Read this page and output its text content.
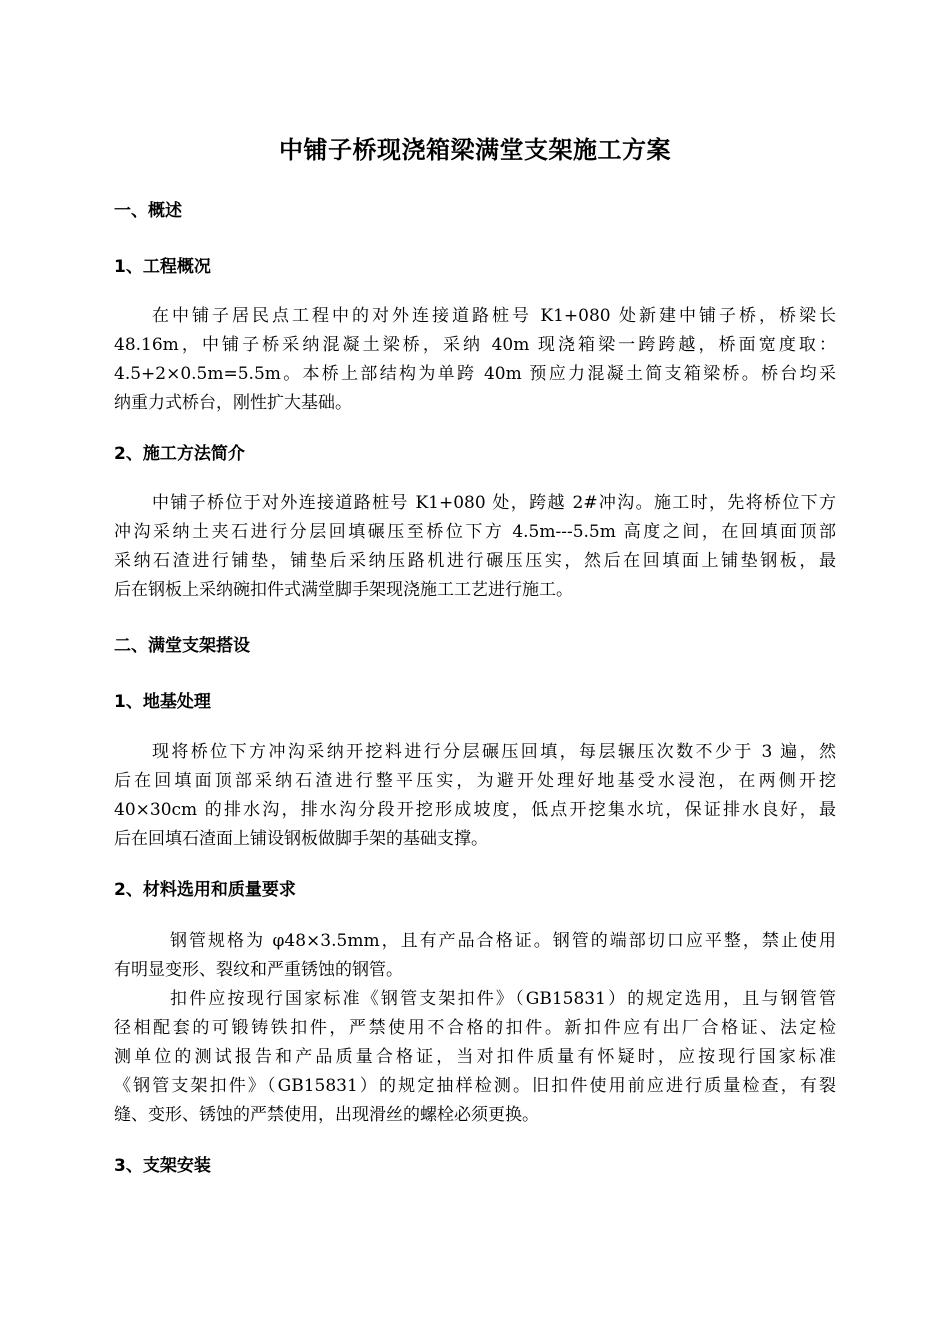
中铺子桥现浇箱梁满堂支架施工方案
一、概述
1、工程概况
在中铺子居民点工程中的对外连接道路桩号 K1+080 处新建中铺子桥，桥梁长
48.16m，中铺子桥采纳混凝土梁桥，采纳 40m 现浇箱梁一跨跨越，桥面宽度取：
4.5+2×0.5m=5.5m。本桥上部结构为单跨 40m 预应力混凝土简支箱梁桥。桥台均采
纳重力式桥台，刚性扩大基础。
2、施工方法简介
中铺子桥位于对外连接道路桩号 K1+080 处，跨越 2#冲沟。施工时，先将桥位下方
冲沟采纳土夹石进行分层回填碾压至桥位下方 4.5m---5.5m 高度之间，在回填面顶部
采纳石渣进行铺垫，铺垫后采纳压路机进行碾压压实，然后在回填面上铺垫钢板，最
后在钢板上采纳碗扣件式满堂脚手架现浇施工工艺进行施工。
二、满堂支架搭设
1、地基处理
现将桥位下方冲沟采纳开挖料进行分层碾压回填，每层辗压次数不少于 3 遍，然
后在回填面顶部采纳石渣进行整平压实，为避开处理好地基受水浸泡，在两侧开挖
40×30cm 的排水沟，排水沟分段开挖形成坡度，低点开挖集水坑，保证排水良好，最
后在回填石渣面上铺设钢板做脚手架的基础支撑。
2、材料选用和质量要求
钢管规格为 φ48×3.5mm，且有产品合格证。钢管的端部切口应平整，禁止使用
有明显变形、裂纹和严重锈蚀的钢管。
扣件应按现行国家标准《钢管支架扣件》（GB15831）的规定选用，且与钢管管
径相配套的可锻铸铁扣件，严禁使用不合格的扣件。新扣件应有出厂合格证、法定检
测单位的测试报告和产品质量合格证，当对扣件质量有怀疑时，应按现行国家标准
《钢管支架扣件》（GB15831）的规定抽样检测。旧扣件使用前应进行质量检查，有裂
缝、变形、锈蚀的严禁使用，出现滑丝的螺栓必须更换。
3、支架安装
